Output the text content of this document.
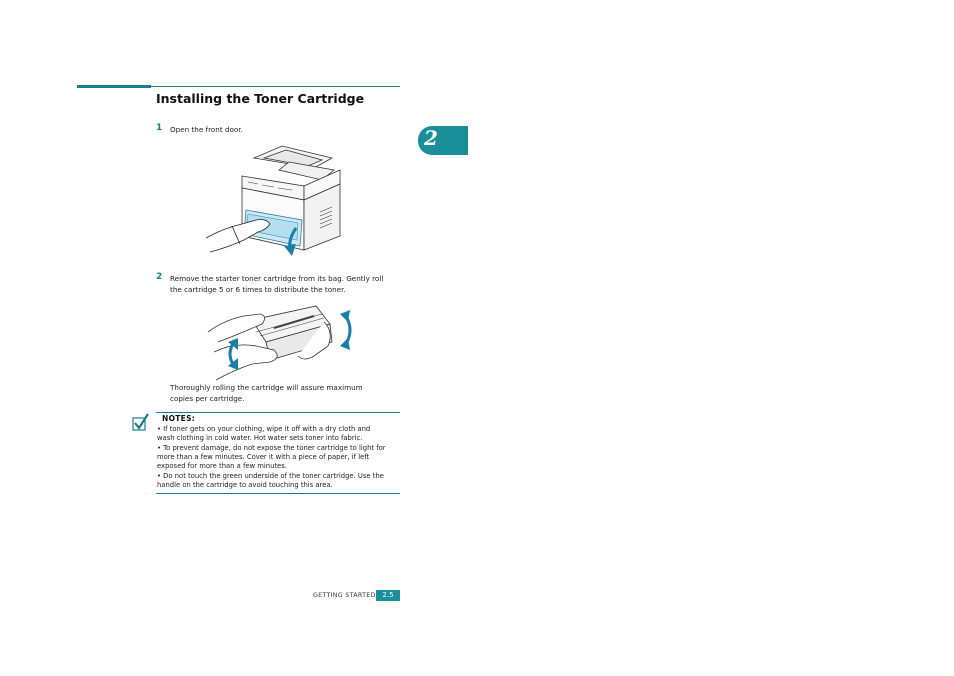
Installing the Toner Cartridge
2
1 Open the front door.
2 Remove the starter toner cartridge from its bag. Gently roll
the cartridge 5 or 6 times to distribute the toner.
Thoroughly rolling the cartridge will assure maximum
copies per cartridge.
NOTES:
• If toner gets on your clothing, wipe it off with a dry cloth and
wash clothing in cold water. Hot water sets toner into fabric.
• To prevent damage, do not expose the toner cartridge to light for
more than a few minutes. Cover it with a piece of paper, if left
exposed for more than a few minutes.
• Do not touch the green underside of the toner cartridge. Use the
handle on the cartridge to avoid touching this area.
GETTING STARTED 2.5
